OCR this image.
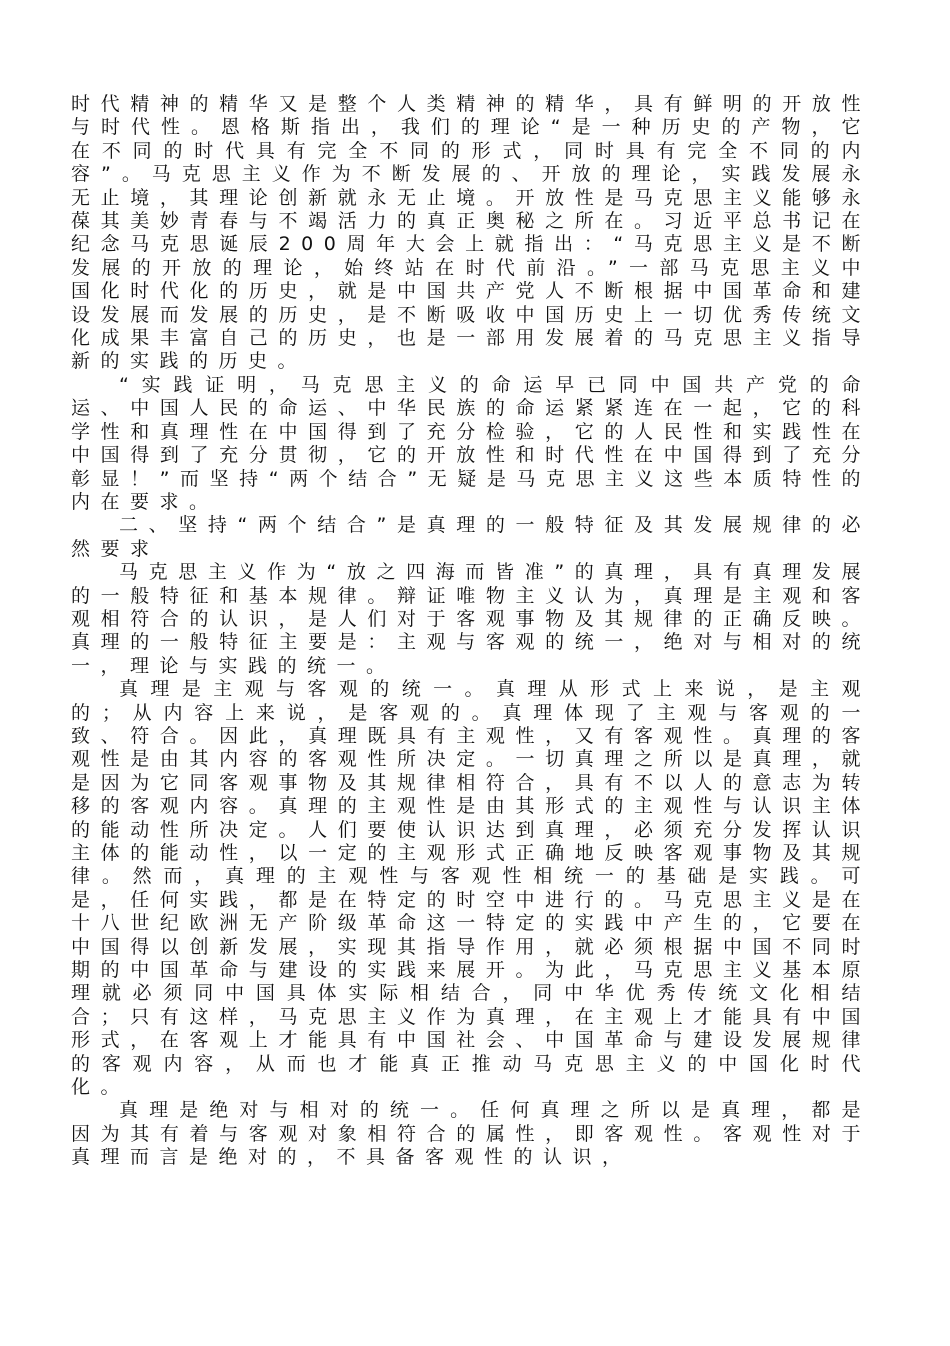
时代精神的精华又是整个人类精神的精华，具有鲜明的开放性与时代性。恩格斯指出，我们的理论“是一种历史的产物，它在不同的时代具有完全不同的形式，同时具有完全不同的内容”。马克思主义作为不断发展的、开放的理论，实践发展永无止境，其理论创新就永无止境。开放性是马克思主义能够永葆其美妙青春与不竭活力的真正奥秘之所在。习近平总书记在纪念马克思诞辰200周年大会上就指出：“马克思主义是不断发展的开放的理论，始终站在时代前沿。”一部马克思主义中国化时代化的历史，就是中国共产党人不断根据中国革命和建设发展而发展的历史，是不断吸收中国历史上一切优秀传统文化成果丰富自己的历史，也是一部用发展着的马克思主义指导新的实践的历史。

“实践证明，马克思主义的命运早已同中国共产党的命运、中国人民的命运、中华民族的命运紧紧连在一起，它的科学性和真理性在中国得到了充分检验，它的人民性和实践性在中国得到了充分贯彻，它的开放性和时代性在中国得到了充分彰显！”而坚持“两个结合”无疑是马克思主义这些本质特性的内在要求。

二、坚持“两个结合”是真理的一般特征及其发展规律的必然要求

马克思主义作为“放之四海而皆准”的真理，具有真理发展的一般特征和基本规律。辩证唯物主义认为，真理是主观和客观相符合的认识，是人们对于客观事物及其规律的正确反映。真理的一般特征主要是：主观与客观的统一，绝对与相对的统一，理论与实践的统一。

真理是主观与客观的统一。真理从形式上来说，是主观的；从内容上来说，是客观的。真理体现了主观与客观的一致、符合。因此，真理既具有主观性，又有客观性。真理的客观性是由其内容的客观性所决定。一切真理之所以是真理，就是因为它同客观事物及其规律相符合，具有不以人的意志为转移的客观内容。真理的主观性是由其形式的主观性与认识主体的能动性所决定。人们要使认识达到真理，必须充分发挥认识主体的能动性，以一定的主观形式正确地反映客观事物及其规律。然而，真理的主观性与客观性相统一的基础是实践。可是，任何实践，都是在特定的时空中进行的。马克思主义是在十八世纪欧洲无产阶级革命这一特定的实践中产生的，它要在中国得以创新发展，实现其指导作用，就必须根据中国不同时期的中国革命与建设的实践来展开。为此，马克思主义基本原理就必须同中国具体实际相结合，同中华优秀传统文化相结合；只有这样，马克思主义作为真理，在主观上才能具有中国形式，在客观上才能具有中国社会、中国革命与建设发展规律的客观内容，从而也才能真正推动马克思主义的中国化时代化。

真理是绝对与相对的统一。任何真理之所以是真理，都是因为其有着与客观对象相符合的属性，即客观性。客观性对于真理而言是绝对的，不具备客观性的认识，
